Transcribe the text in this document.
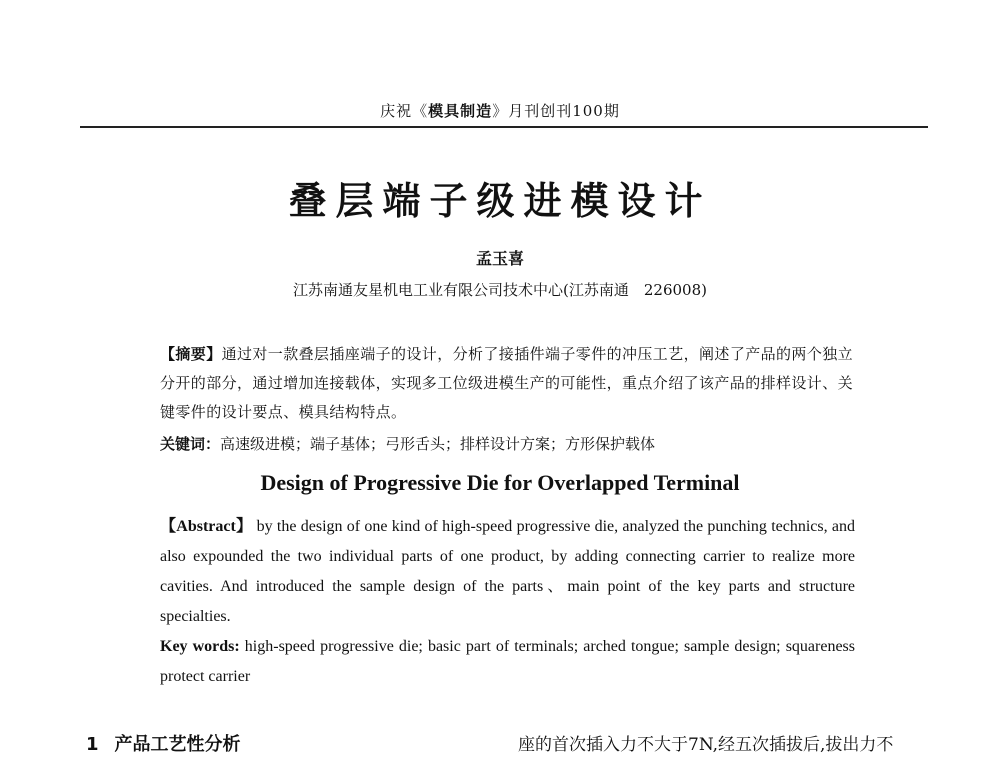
庆祝《模具制造》月刊创刊100期
叠层端子级进模设计
孟玉喜
江苏南通友星机电工业有限公司技术中心(江苏南通　226008)
【摘要】通过对一款叠层插座端子的设计，分析了接插件端子零件的冲压工艺，阐述了产品的两个独立分开的部分，通过增加连接载体，实现多工位级进模生产的可能性，重点介绍了该产品的排样设计、关键零件的设计要点、模具结构特点。
关键词：高速级进模；端子基体；弓形舌头；排样设计方案；方形保护载体
Design of Progressive Die for Overlapped Terminal
【Abstract】 by the design of one kind of high-speed progressive die, analyzed the punching technics, and also expounded the two individual parts of one product, by adding connecting carrier to realize more cavities. And introduced the sample design of the parts、main point of the key parts and structure specialties.
Key words: high-speed progressive die; basic part of terminals; arched tongue; sample design; squareness protect carrier
1 产品工艺性分析	座的首次插入力不大于7N,经五次插拔后,拔出力不
